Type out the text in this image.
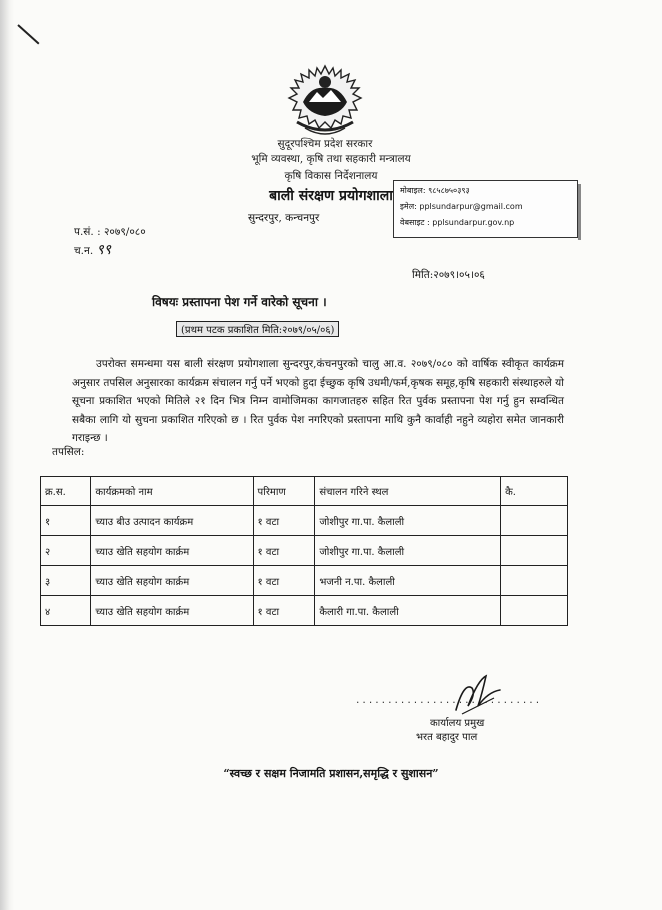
सुदूरपश्चिम प्रदेश सरकार
भूमि व्यवस्था, कृषि तथा सहकारी मन्त्रालय
कृषि विकास निर्देशनालय
बाली संरक्षण प्रयोगशाला
सुन्दरपुर, कन्चनपुर
मोबाइल: ९८५८७५०३९३
इमेल: pplsundarpur@gmail.com
वेबसाइट : pplsundarpur.gov.np
प.सं. : २०७९/०८०
च.न. ९९
मिति:२०७९।०५।०६
विषयः प्रस्तापना पेश गर्ने वारेको सूचना ।
(प्रथम पटक प्रकाशित मिति:२०७९/०५/०६)
उपरोक्त समन्धमा यस बाली संरक्षण प्रयोगशाला सुन्दरपुर,कंचनपुरको चालु आ.व. २०७९/०८० को वार्षिक स्वीकृत कार्यक्रम अनुसार तपसिल अनुसारका कार्यक्रम संचालन गर्नु पर्ने भएको हुदा ईच्छुक कृषि उधमी/फर्म,कृषक समूह,कृषि सहकारी संस्थाहरुले यो सूचना प्रकाशित भएको मितिले २१ दिन भित्र निम्न वामोजिमका कागजातहरु सहित रित पुर्वक प्रस्तापना पेश गर्नु हुन सम्वन्धित सबैका लागि यो सुचना प्रकाशित गरिएको छ । रित पुर्वक पेश नगरिएको प्रस्तापना माथि कुनै कार्वाही नहुने व्यहोरा समेत जानकारी गराइन्छ ।
तपसिल:
क्र.स.	कार्यक्रमको नाम	परिमाण	संचालन गरिने स्थल	कै.
१	च्याउ बीउ उत्पादन कार्यक्रम	१ वटा	जोशीपुर गा.पा. कैलाली	
२	च्याउ खेति सहयोग कार्क्रम	१ वटा	जोशीपुर गा.पा. कैलाली	
३	च्याउ खेति सहयोग कार्क्रम	१ वटा	भजनी न.पा. कैलाली	
४	च्याउ खेति सहयोग कार्क्रम	१ वटा	कैलारी गा.पा. कैलाली	
.............................
कार्यालय प्रमुख
भरत बहादुर पाल
“स्वच्छ र सक्षम निजामति प्रशासन,समृद्धि र सुशासन”
